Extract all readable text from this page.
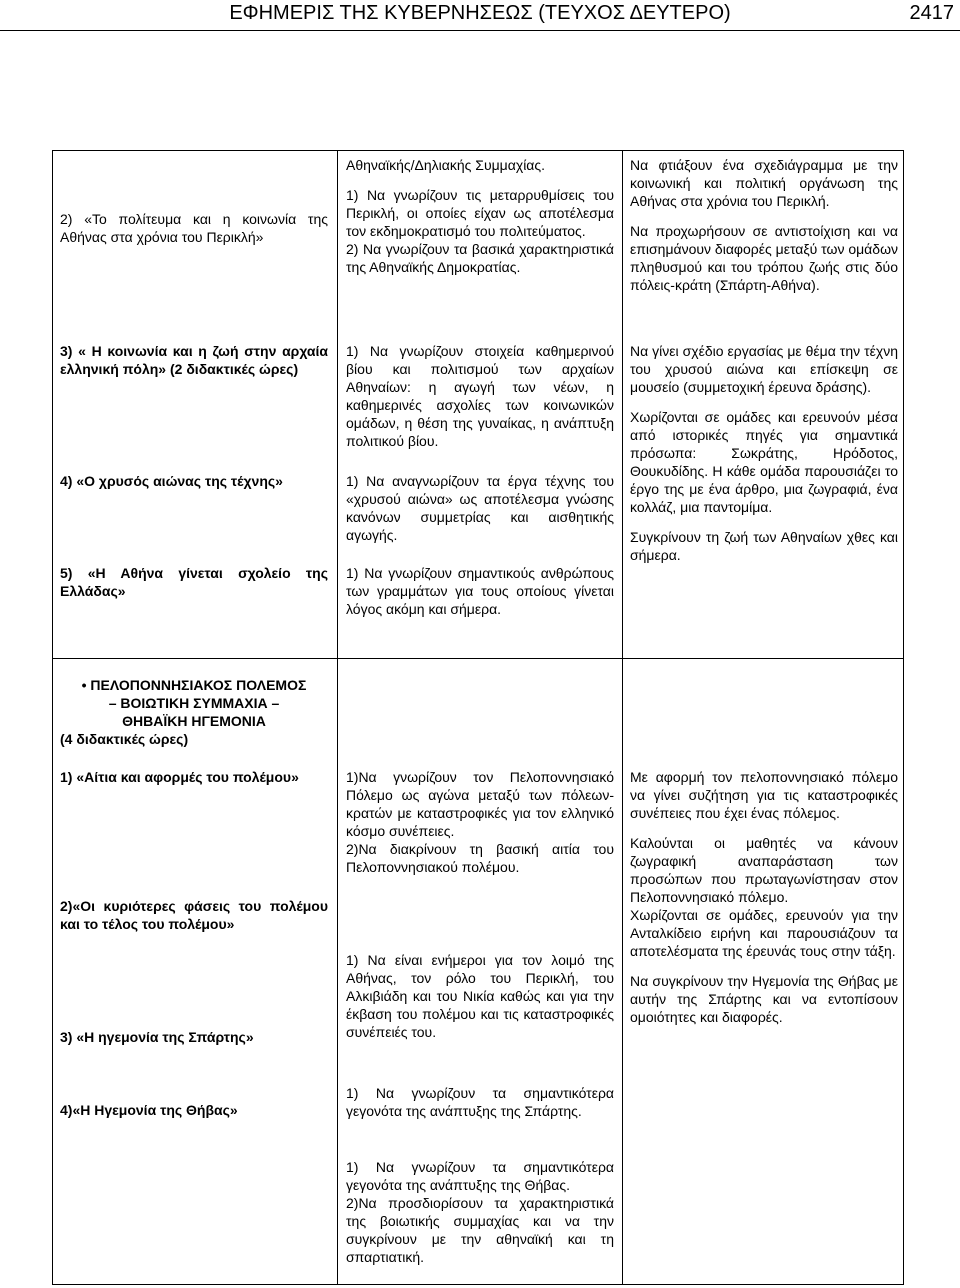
ΕΦΗΜΕΡΙΣ ΤΗΣ ΚΥΒΕΡΝΗΣΕΩΣ (ΤΕΥΧΟΣ ΔΕΥΤΕΡΟ)	2417

2) «Το πολίτευμα και η κοινωνία της Αθήνας στα χρόνια του Περικλή»

3) « Η κοινωνία και η ζωή στην αρχαία ελληνική πόλη» (2 διδακτικές ώρες)

4) «Ο χρυσός αιώνας της τέχνης»

5) «Η Αθήνα γίνεται σχολείο της Ελλάδας»

Αθηναϊκής/Δηλιακής Συμμαχίας.

1) Να γνωρίζουν τις μεταρρυθμίσεις του Περικλή, οι οποίες είχαν ως αποτέλεσμα τον εκδημοκρατισμό του πολιτεύματος.

2) Να γνωρίζουν τα βασικά χαρακτηριστικά της Αθηναϊκής Δημοκρατίας.

1) Να γνωρίζουν στοιχεία καθημερινού βίου και πολιτισμού των αρχαίων Αθηναίων: η αγωγή των νέων, η καθημερινές ασχολίες των κοινωνικών ομάδων, η θέση της γυναίκας, η ανάπτυξη πολιτικού βίου.

1) Να αναγνωρίζουν τα έργα τέχνης του «χρυσού αιώνα» ως αποτέλεσμα γνώσης κανόνων συμμετρίας και αισθητικής αγωγής.

1) Να γνωρίζουν σημαντικούς ανθρώπους των γραμμάτων για τους οποίους γίνεται λόγος ακόμη και σήμερα.

Να φτιάξουν ένα σχεδιάγραμμα με την κοινωνική και πολιτική οργάνωση της Αθήνας στα χρόνια του Περικλή.

Να προχωρήσουν σε αντιστοίχιση και να επισημάνουν διαφορές μεταξύ των ομάδων πληθυσμού και του τρόπου ζωής στις δύο πόλεις-κράτη (Σπάρτη-Αθήνα).

Να γίνει σχέδιο εργασίας με θέμα την τέχνη του χρυσού αιώνα και επίσκεψη σε μουσείο (συμμετοχική έρευνα δράσης).

Χωρίζονται σε ομάδες και ερευνούν μέσα από ιστορικές πηγές για σημαντικά πρόσωπα: Σωκράτης, Ηρόδοτος, Θουκυδίδης. Η κάθε ομάδα παρουσιάζει το έργο της με ένα άρθρο, μια ζωγραφιά, ένα κολλάζ, μια παντομίμα.

Συγκρίνουν τη ζωή των Αθηναίων χθες και σήμερα.

• ΠΕΛΟΠΟΝΝΗΣΙΑΚΟΣ ΠΟΛΕΜΟΣ
– ΒΟΙΩΤΙΚΗ ΣΥΜΜΑΧΙΑ –
ΘΗΒΑΪΚΗ ΗΓΕΜΟΝΙΑ
(4 διδακτικές ώρες)

1) «Αίτια και αφορμές του πολέμου»

2)«Οι κυριότερες φάσεις του πολέμου και το τέλος του πολέμου»

3) «Η ηγεμονία της Σπάρτης»

4)«Η Ηγεμονία της Θήβας»

1)Να γνωρίζουν τον Πελοποννησιακό Πόλεμο ως αγώνα μεταξύ των πόλεων-κρατών με καταστροφικές για τον ελληνικό κόσμο συνέπειες.

2)Να διακρίνουν τη βασική αιτία του Πελοποννησιακού πολέμου.

1) Να είναι ενήμεροι για τον λοιμό της Αθήνας, τον ρόλο του Περικλή, του Αλκιβιάδη και του Νικία καθώς και για την έκβαση του πολέμου και τις καταστροφικές συνέπειές του.

1) Να γνωρίζουν τα σημαντικότερα γεγονότα της ανάπτυξης της Σπάρτης.

1) Να γνωρίζουν τα σημαντικότερα γεγονότα της ανάπτυξης της Θήβας.

2)Να προσδιορίσουν τα χαρακτηριστικά της βοιωτικής συμμαχίας και να την συγκρίνουν με την αθηναϊκή και τη σπαρτιατική.

Με αφορμή τον πελοποννησιακό πόλεμο να γίνει συζήτηση για τις καταστροφικές συνέπειες που έχει ένας πόλεμος.

Καλούνται οι μαθητές να κάνουν ζωγραφική αναπαράσταση των προσώπων που πρωταγωνίστησαν στον Πελοποννησιακό πόλεμο.

Χωρίζονται σε ομάδες, ερευνούν για την Ανταλκίδειο ειρήνη και παρουσιάζουν τα αποτελέσματα της έρευνάς τους στην τάξη.

Να συγκρίνουν την Ηγεμονία της Θήβας με αυτήν της Σπάρτης και να εντοπίσουν ομοιότητες και διαφορές.
